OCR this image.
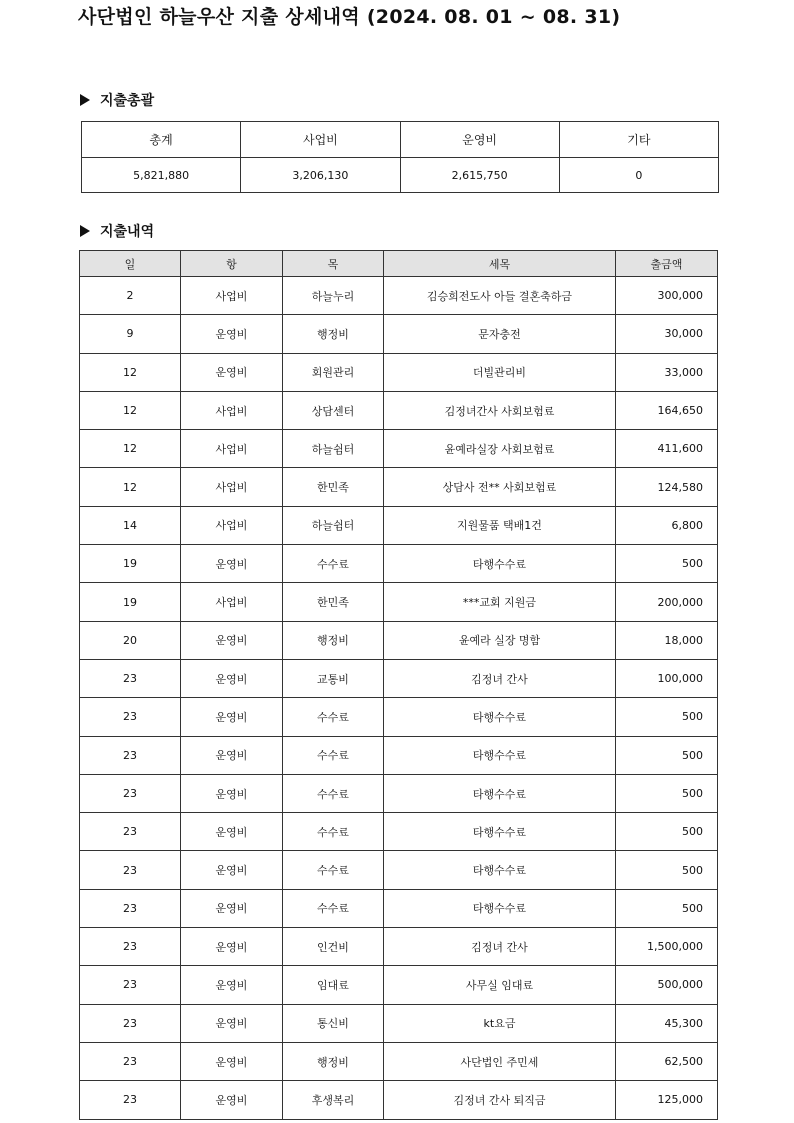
사단법인 하늘우산 지출 상세내역 (2024. 08. 01 ~ 08. 31)
지출총괄
총계	사업비	운영비	기타
5,821,880	3,206,130	2,615,750	0
지출내역
일	항	목	세목	출금액
2	사업비	하늘누리	김승희전도사 아들 결혼축하금	300,000
9	운영비	행정비	문자충전	30,000
12	운영비	회원관리	더빌관리비	33,000
12	사업비	상담센터	김정녀간사 사회보험료	164,650
12	사업비	하늘쉼터	윤예라실장 사회보험료	411,600
12	사업비	한민족	상담사 전** 사회보험료	124,580
14	사업비	하늘쉼터	지원물품 택배1건	6,800
19	운영비	수수료	타행수수료	500
19	사업비	한민족	***교회 지원금	200,000
20	운영비	행정비	윤예라 실장 명함	18,000
23	운영비	교통비	김정녀 간사	100,000
23	운영비	수수료	타행수수료	500
23	운영비	수수료	타행수수료	500
23	운영비	수수료	타행수수료	500
23	운영비	수수료	타행수수료	500
23	운영비	수수료	타행수수료	500
23	운영비	수수료	타행수수료	500
23	운영비	인건비	김정녀 간사	1,500,000
23	운영비	임대료	사무실 임대료	500,000
23	운영비	통신비	kt요금	45,300
23	운영비	행정비	사단법인 주민세	62,500
23	운영비	후생복리	김정녀 간사 퇴직금	125,000
